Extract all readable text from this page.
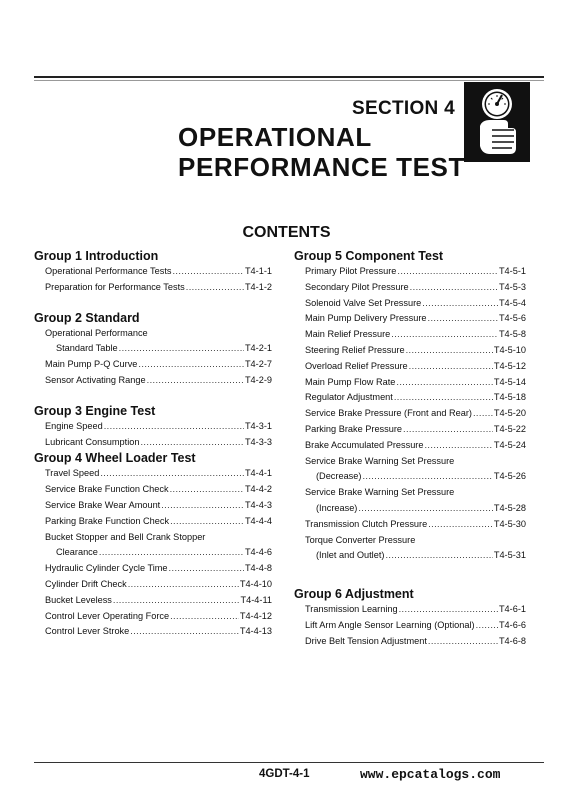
SECTION 4
OPERATIONAL
PERFORMANCE TEST
CONTENTS
Group 1 Introduction
Operational Performance Tests .....	T4-1-1
Preparation for Performance Tests .....	T4-1-2
Group 2 Standard
Operational Performance
Standard Table .....	T4-2-1
Main Pump P-Q Curve .....	T4-2-7
Sensor Activating Range .....	T4-2-9
Group 3 Engine Test
Engine Speed .....	T4-3-1
Lubricant Consumption .....	T4-3-3
Group 4 Wheel Loader Test
Travel Speed .....	T4-4-1
Service Brake Function Check .....	T4-4-2
Service Brake Wear Amount .....	T4-4-3
Parking Brake Function Check .....	T4-4-4
Bucket Stopper and Bell Crank Stopper
Clearance .....	T4-4-6
Hydraulic Cylinder Cycle Time .....	T4-4-8
Cylinder Drift Check .....	T4-4-10
Bucket Leveless .....	T4-4-11
Control Lever Operating Force .....	T4-4-12
Control Lever Stroke .....	T4-4-13
Group 5 Component Test
Primary Pilot Pressure .....	T4-5-1
Secondary Pilot Pressure .....	T4-5-3
Solenoid Valve Set Pressure .....	T4-5-4
Main Pump Delivery Pressure .....	T4-5-6
Main Relief Pressure .....	T4-5-8
Steering Relief Pressure .....	T4-5-10
Overload Relief Pressure .....	T4-5-12
Main Pump Flow Rate .....	T4-5-14
Regulator Adjustment .....	T4-5-18
Service Brake Pressure (Front and Rear) ..... T4-5-20
Parking Brake Pressure .....	T4-5-22
Brake Accumulated Pressure .....	T4-5-24
Service Brake Warning Set Pressure
(Decrease) .....	T4-5-26
Service Brake Warning Set Pressure
(Increase) .....	T4-5-28
Transmission Clutch Pressure .....	T4-5-30
Torque Converter Pressure
(Inlet and Outlet) .....	T4-5-31
Group 6 Adjustment
Transmission Learning .....	T4-6-1
Lift Arm Angle Sensor Learning (Optional) .....	T4-6-6
Drive Belt Tension Adjustment .....	T4-6-8
4GDT-4-1	www.epcatalogs.com
